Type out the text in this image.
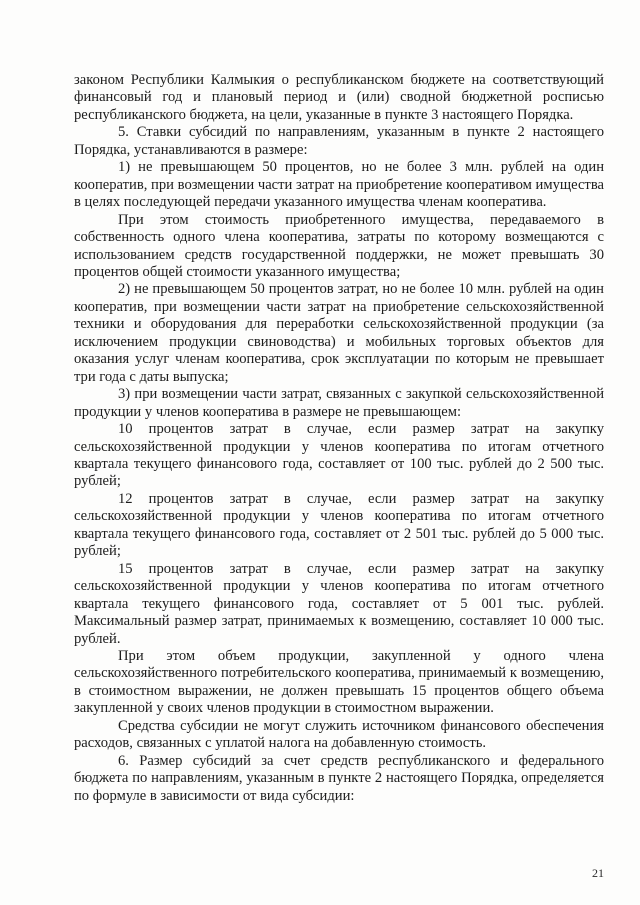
законом Республики Калмыкия о республиканском бюджете на соответствующий финансовый год и плановый период и (или) сводной бюджетной росписью республиканского бюджета, на цели, указанные в пункте 3 настоящего Порядка.

5. Ставки субсидий по направлениям, указанным в пункте 2 настоящего Порядка, устанавливаются в размере:

1) не превышающем 50 процентов, но не более 3 млн. рублей на один кооператив, при возмещении части затрат на приобретение кооперативом имущества в целях последующей передачи указанного имущества членам кооператива.

При этом стоимость приобретенного имущества, передаваемого в собственность одного члена кооператива, затраты по которому возмещаются с использованием средств государственной поддержки, не может превышать 30 процентов общей стоимости указанного имущества;

2) не превышающем 50 процентов затрат, но не более 10 млн. рублей на один кооператив, при возмещении части затрат на приобретение сельскохозяйственной техники и оборудования для переработки сельскохозяйственной продукции (за исключением продукции свиноводства) и мобильных торговых объектов для оказания услуг членам кооператива, срок эксплуатации по которым не превышает три года с даты выпуска;

3) при возмещении части затрат, связанных с закупкой сельскохозяйственной продукции у членов кооператива в размере не превышающем:

10 процентов затрат в случае, если размер затрат на закупку сельскохозяйственной продукции у членов кооператива по итогам отчетного квартала текущего финансового года, составляет от 100 тыс. рублей до 2 500 тыс. рублей;

12 процентов затрат в случае, если размер затрат на закупку сельскохозяйственной продукции у членов кооператива по итогам отчетного квартала текущего финансового года, составляет от 2 501 тыс. рублей до 5 000 тыс. рублей;

15 процентов затрат в случае, если размер затрат на закупку сельскохозяйственной продукции у членов кооператива по итогам отчетного квартала текущего финансового года, составляет от 5 001 тыс. рублей. Максимальный размер затрат, принимаемых к возмещению, составляет 10 000 тыс. рублей.

При этом объем продукции, закупленной у одного члена сельскохозяйственного потребительского кооператива, принимаемый к возмещению, в стоимостном выражении, не должен превышать 15 процентов общего объема закупленной у своих членов продукции в стоимостном выражении.

Средства субсидии не могут служить источником финансового обеспечения расходов, связанных с уплатой налога на добавленную стоимость.

6. Размер субсидий за счет средств республиканского и федерального бюджета по направлениям, указанным в пункте 2 настоящего Порядка, определяется по формуле в зависимости от вида субсидии:

21
